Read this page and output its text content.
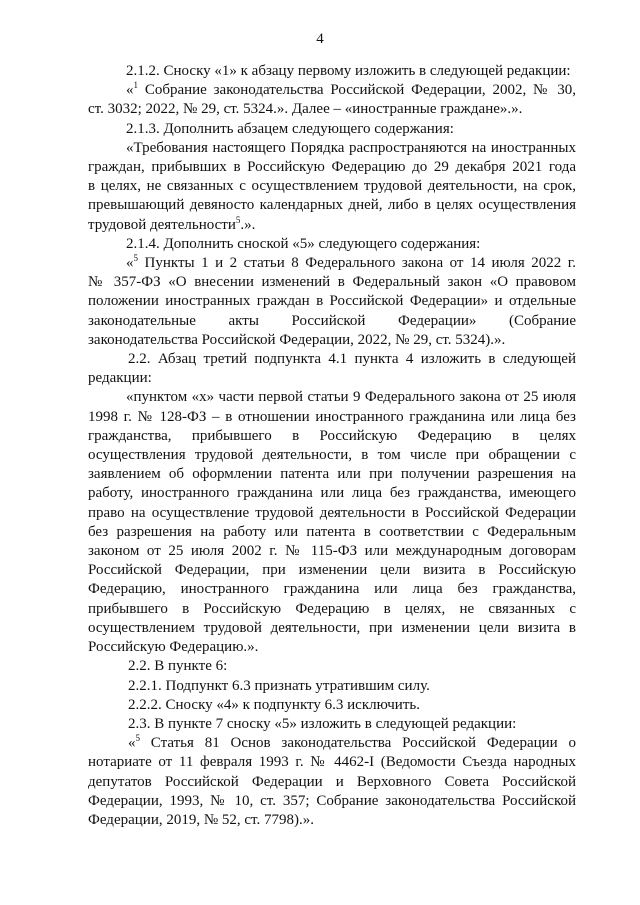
4
2.1.2. Сноску «1» к абзацу первому изложить в следующей редакции:
«$^1$ Собрание законодательства Российской Федерации, 2002, № 30,
ст. 3032; 2022, № 29, ст. 5324.». Далее – «иностранные граждане».».
2.1.3. Дополнить абзацем следующего содержания:
«Требования настоящего Порядка распространяются на иностранных
граждан, прибывших в Российскую Федерацию до 29 декабря 2021 года
в целях, не связанных с осуществлением трудовой деятельности, на срок,
превышающий девяносто календарных дней, либо в целях осуществления
трудовой деятельности$^5$.».
2.1.4. Дополнить сноской «5» следующего содержания:
«$^5$ Пункты 1 и 2 статьи 8 Федерального закона от 14 июля 2022 г.
№ 357-ФЗ «О внесении изменений в Федеральный закон «О правовом
положении иностранных граждан в Российской Федерации» и отдельные
законодательные акты Российской Федерации» (Собрание
законодательства Российской Федерации, 2022, № 29, ст. 5324).».
2.2. Абзац третий подпункта 4.1 пункта 4 изложить в следующей
редакции:
«пунктом «х» части первой статьи 9 Федерального закона от 25 июля
1998 г. № 128-ФЗ – в отношении иностранного гражданина или лица без
гражданства, прибывшего в Российскую Федерацию в целях
осуществления трудовой деятельности, в том числе при обращении с
заявлением об оформлении патента или при получении разрешения на
работу, иностранного гражданина или лица без гражданства, имеющего
право на осуществление трудовой деятельности в Российской Федерации
без разрешения на работу или патента в соответствии с Федеральным
законом от 25 июля 2002 г. № 115-ФЗ или международным договорам
Российской Федерации, при изменении цели визита в Российскую
Федерацию, иностранного гражданина или лица без гражданства,
прибывшего в Российскую Федерацию в целях, не связанных с
осуществлением трудовой деятельности, при изменении цели визита в
Российскую Федерацию.».
2.2. В пункте 6:
2.2.1. Подпункт 6.3 признать утратившим силу.
2.2.2. Сноску «4» к подпункту 6.3 исключить.
2.3. В пункте 7 сноску «5» изложить в следующей редакции:
«$^5$ Статья 81 Основ законодательства Российской Федерации о
нотариате от 11 февраля 1993 г. № 4462-I (Ведомости Съезда народных
депутатов Российской Федерации и Верховного Совета Российской
Федерации, 1993, № 10, ст. 357; Собрание законодательства Российской
Федерации, 2019, № 52, ст. 7798).».
